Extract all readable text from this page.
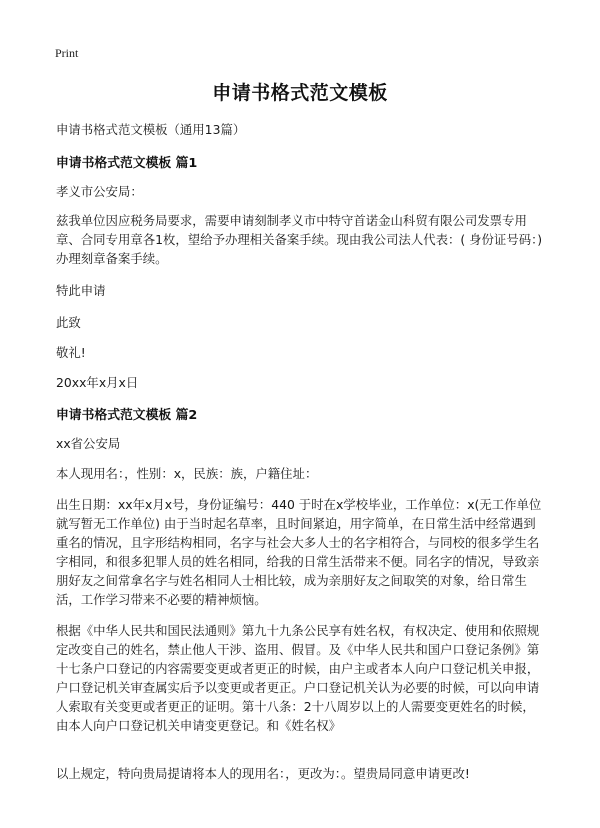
Print
申请书格式范文模板

申请书格式范文模板（通用13篇）

申请书格式范文模板 篇1

孝义市公安局：

兹我单位因应税务局要求，需要申请刻制孝义市中特守首诺金山科贸有限公司发票专用章、合同专用章各1枚，望给予办理相关备案手续。现由我公司法人代表：( 身份证号码：)办理刻章备案手续。

特此申请

此致

敬礼!

20xx年x月x日

申请书格式范文模板 篇2

xx省公安局

本人现用名：，性别：x，民族：族，户籍住址：

出生日期：xx年x月x号，身份证编号：440 于时在x学校毕业，工作单位：x(无工作单位就写暂无工作单位) 由于当时起名草率，且时间紧迫，用字简单，在日常生活中经常遇到重名的情况，且字形结构相同，名字与社会大多人士的名字相符合，与同校的很多学生名字相同，和很多犯罪人员的姓名相同，给我的日常生活带来不便。同名字的情况，导致亲朋好友之间常拿名字与姓名相同人士相比较，成为亲朋好友之间取笑的对象，给日常生活，工作学习带来不必要的精神烦恼。

根据《中华人民共和国民法通则》第九十九条公民享有姓名权，有权决定、使用和依照规定改变自己的姓名，禁止他人干涉、盗用、假冒。及《中华人民共和国户口登记条例》第十七条户口登记的内容需要变更或者更正的时候，由户主或者本人向户口登记机关申报，户口登记机关审查属实后予以变更或者更正。户口登记机关认为必要的时候，可以向申请人索取有关变更或者更正的证明。第十八条：2十八周岁以上的人需要变更姓名的时候，由本人向户口登记机关申请变更登记。和《姓名权》

以上规定，特向贵局提请将本人的现用名：，更改为：。望贵局同意申请更改!
